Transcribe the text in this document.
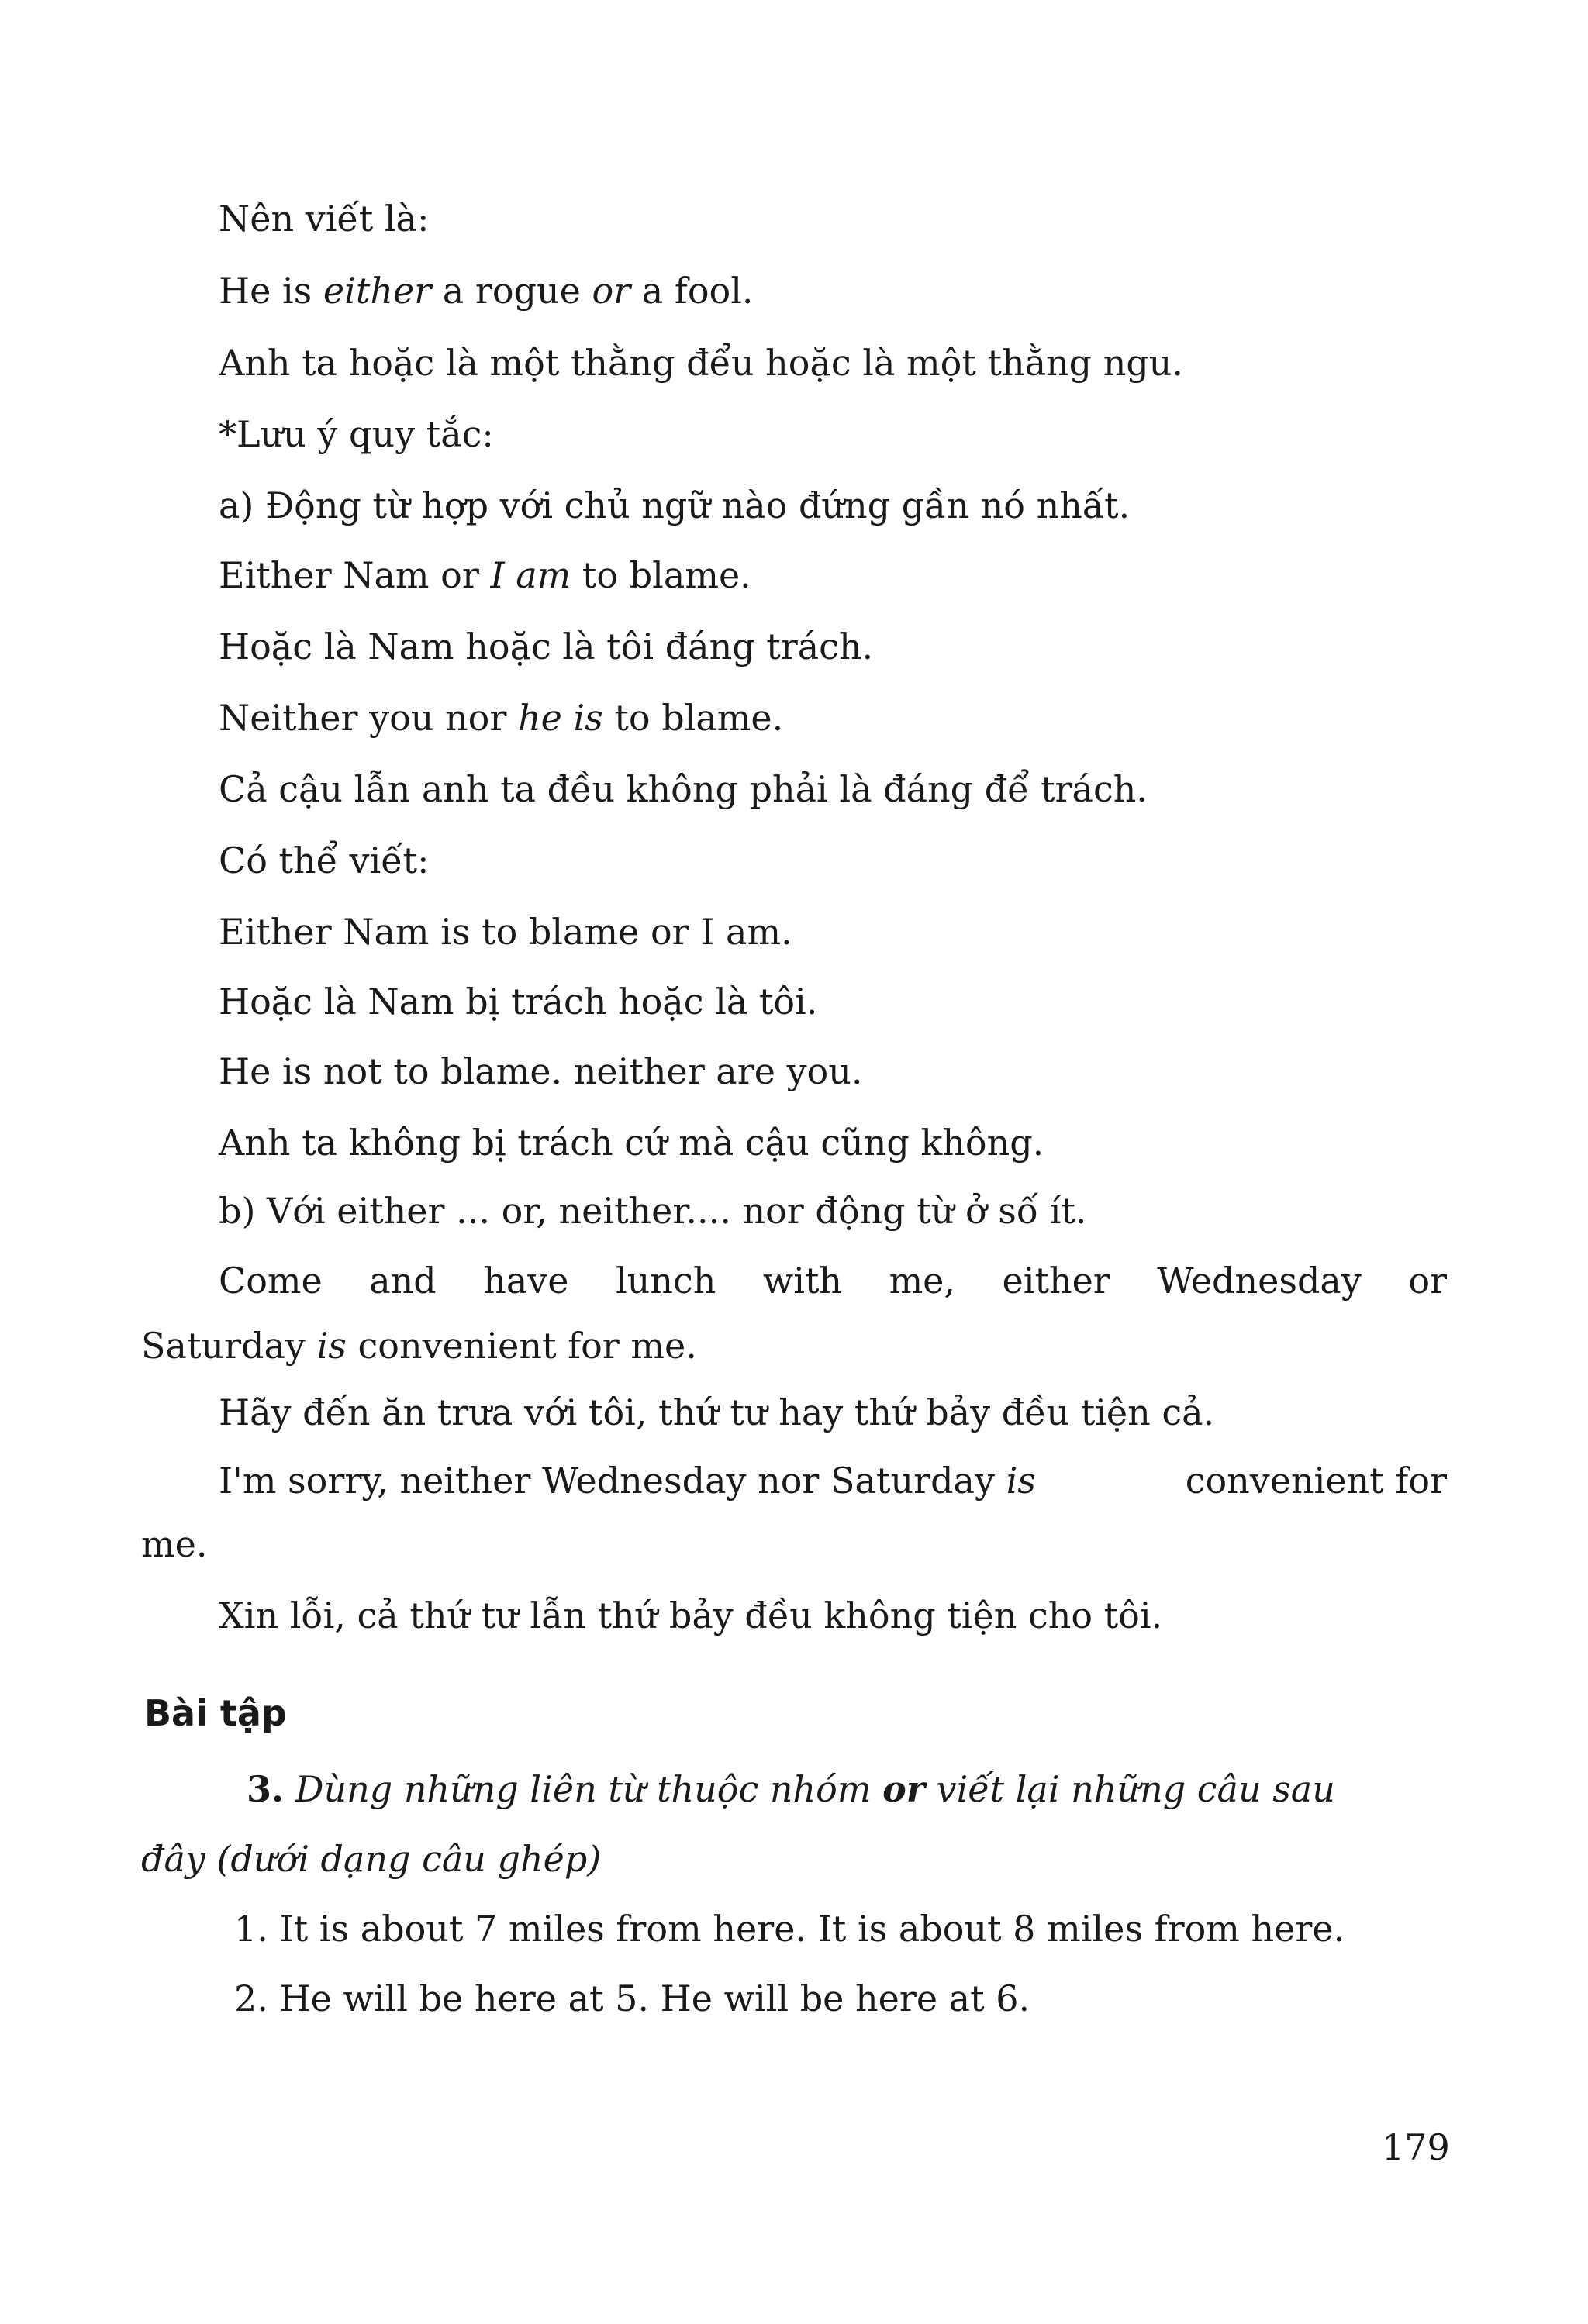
Nên viết là:
He is either a rogue or a fool.
Anh ta hoặc là một thằng đểu hoặc là một thằng ngu.
*Lưu ý quy tắc:
a) Động từ hợp với chủ ngữ nào đứng gần nó nhất.
Either Nam or I am to blame.
Hoặc là Nam hoặc là tôi đáng trách.
Neither you nor he is to blame.
Cả cậu lẫn anh ta đều không phải là đáng để trách.
Có thể viết:
Either Nam is to blame or I am.
Hoặc là Nam bị trách hoặc là tôi.
He is not to blame. neither are you.
Anh ta không bị trách cứ mà cậu cũng không.
b) Với either ... or, neither.... nor động từ ở số ít.
Come and have lunch with me, either Wednesday or
Saturday is convenient for me.
Hãy đến ăn trưa với tôi, thứ tư hay thứ bảy đều tiện cả.
I'm sorry, neither Wednesday nor Saturday is	convenient for
me.
Xin lỗi, cả thứ tư lẫn thứ bảy đều không tiện cho tôi.
Bài tập
3. Dùng những liên từ thuộc nhóm or viết lại những câu sau
đây (dưới dạng câu ghép)
1. It is about 7 miles from here. It is about 8 miles from here.
2. He will be here at 5. He will be here at 6.
179
